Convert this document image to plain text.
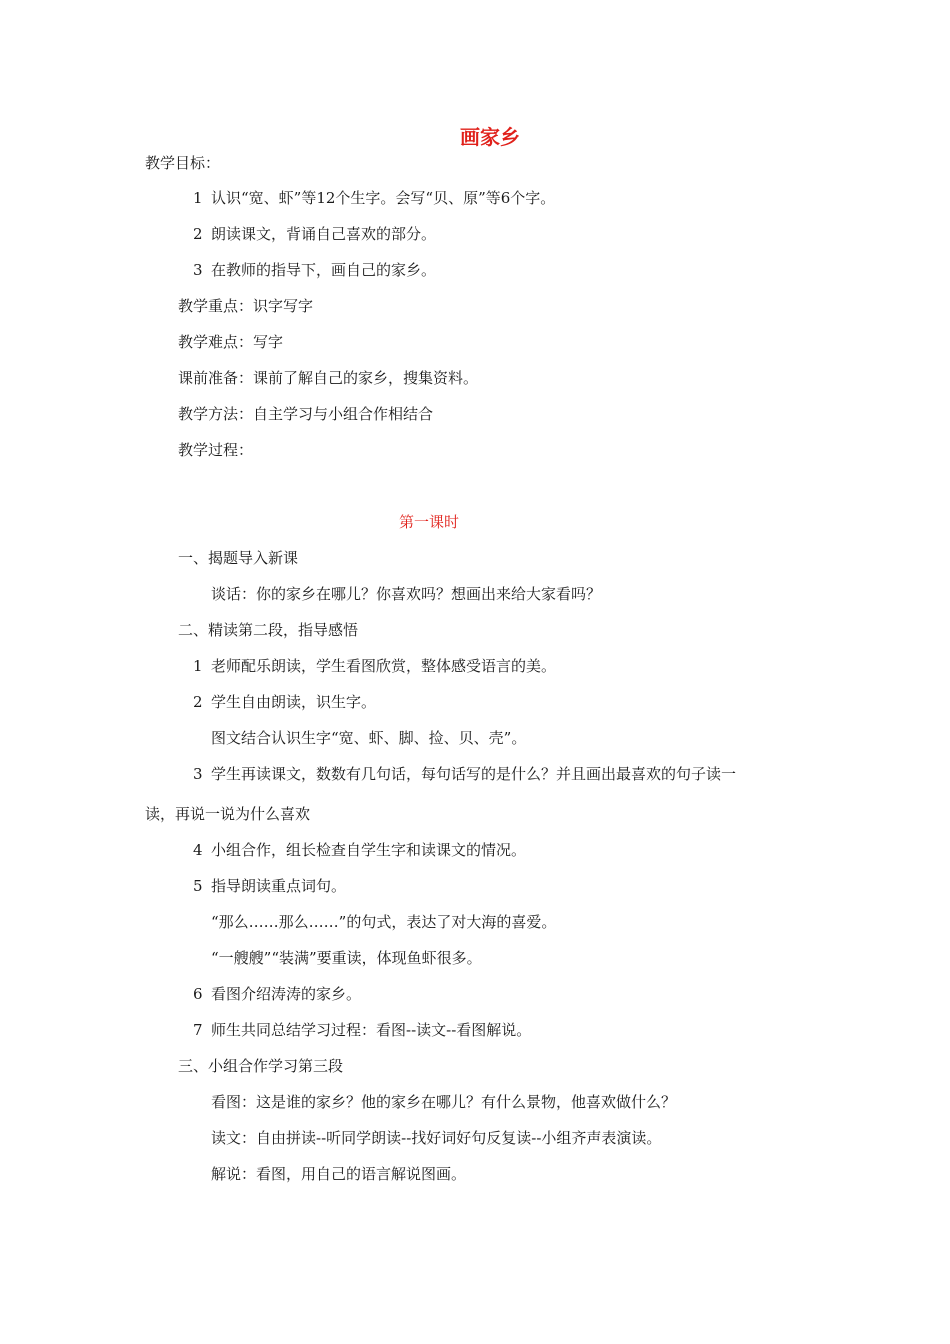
画家乡
教学目标：
1 认识“宽、虾”等12个生字。会写“贝、原”等6个字。
2 朗读课文，背诵自己喜欢的部分。
3 在教师的指导下，画自己的家乡。
教学重点：识字写字
教学难点：写字
课前准备：课前了解自己的家乡，搜集资料。
教学方法：自主学习与小组合作相结合
教学过程：
第一课时
一、揭题导入新课
谈话：你的家乡在哪儿？你喜欢吗？想画出来给大家看吗？
二、精读第二段，指导感悟
1 老师配乐朗读，学生看图欣赏，整体感受语言的美。
2 学生自由朗读，识生字。
图文结合认识生字“宽、虾、脚、捡、贝、壳”。
3 学生再读课文，数数有几句话，每句话写的是什么？并且画出最喜欢的句子读一
读，再说一说为什么喜欢
4 小组合作，组长检查自学生字和读课文的情况。
5 指导朗读重点词句。
“那么……那么……”的句式，表达了对大海的喜爱。
“一艘艘”“装满”要重读，体现鱼虾很多。
6 看图介绍涛涛的家乡。
7 师生共同总结学习过程：看图--读文--看图解说。
三、小组合作学习第三段
看图：这是谁的家乡？他的家乡在哪儿？有什么景物，他喜欢做什么？
读文：自由拼读--听同学朗读--找好词好句反复读--小组齐声表演读。
解说：看图，用自己的语言解说图画。
